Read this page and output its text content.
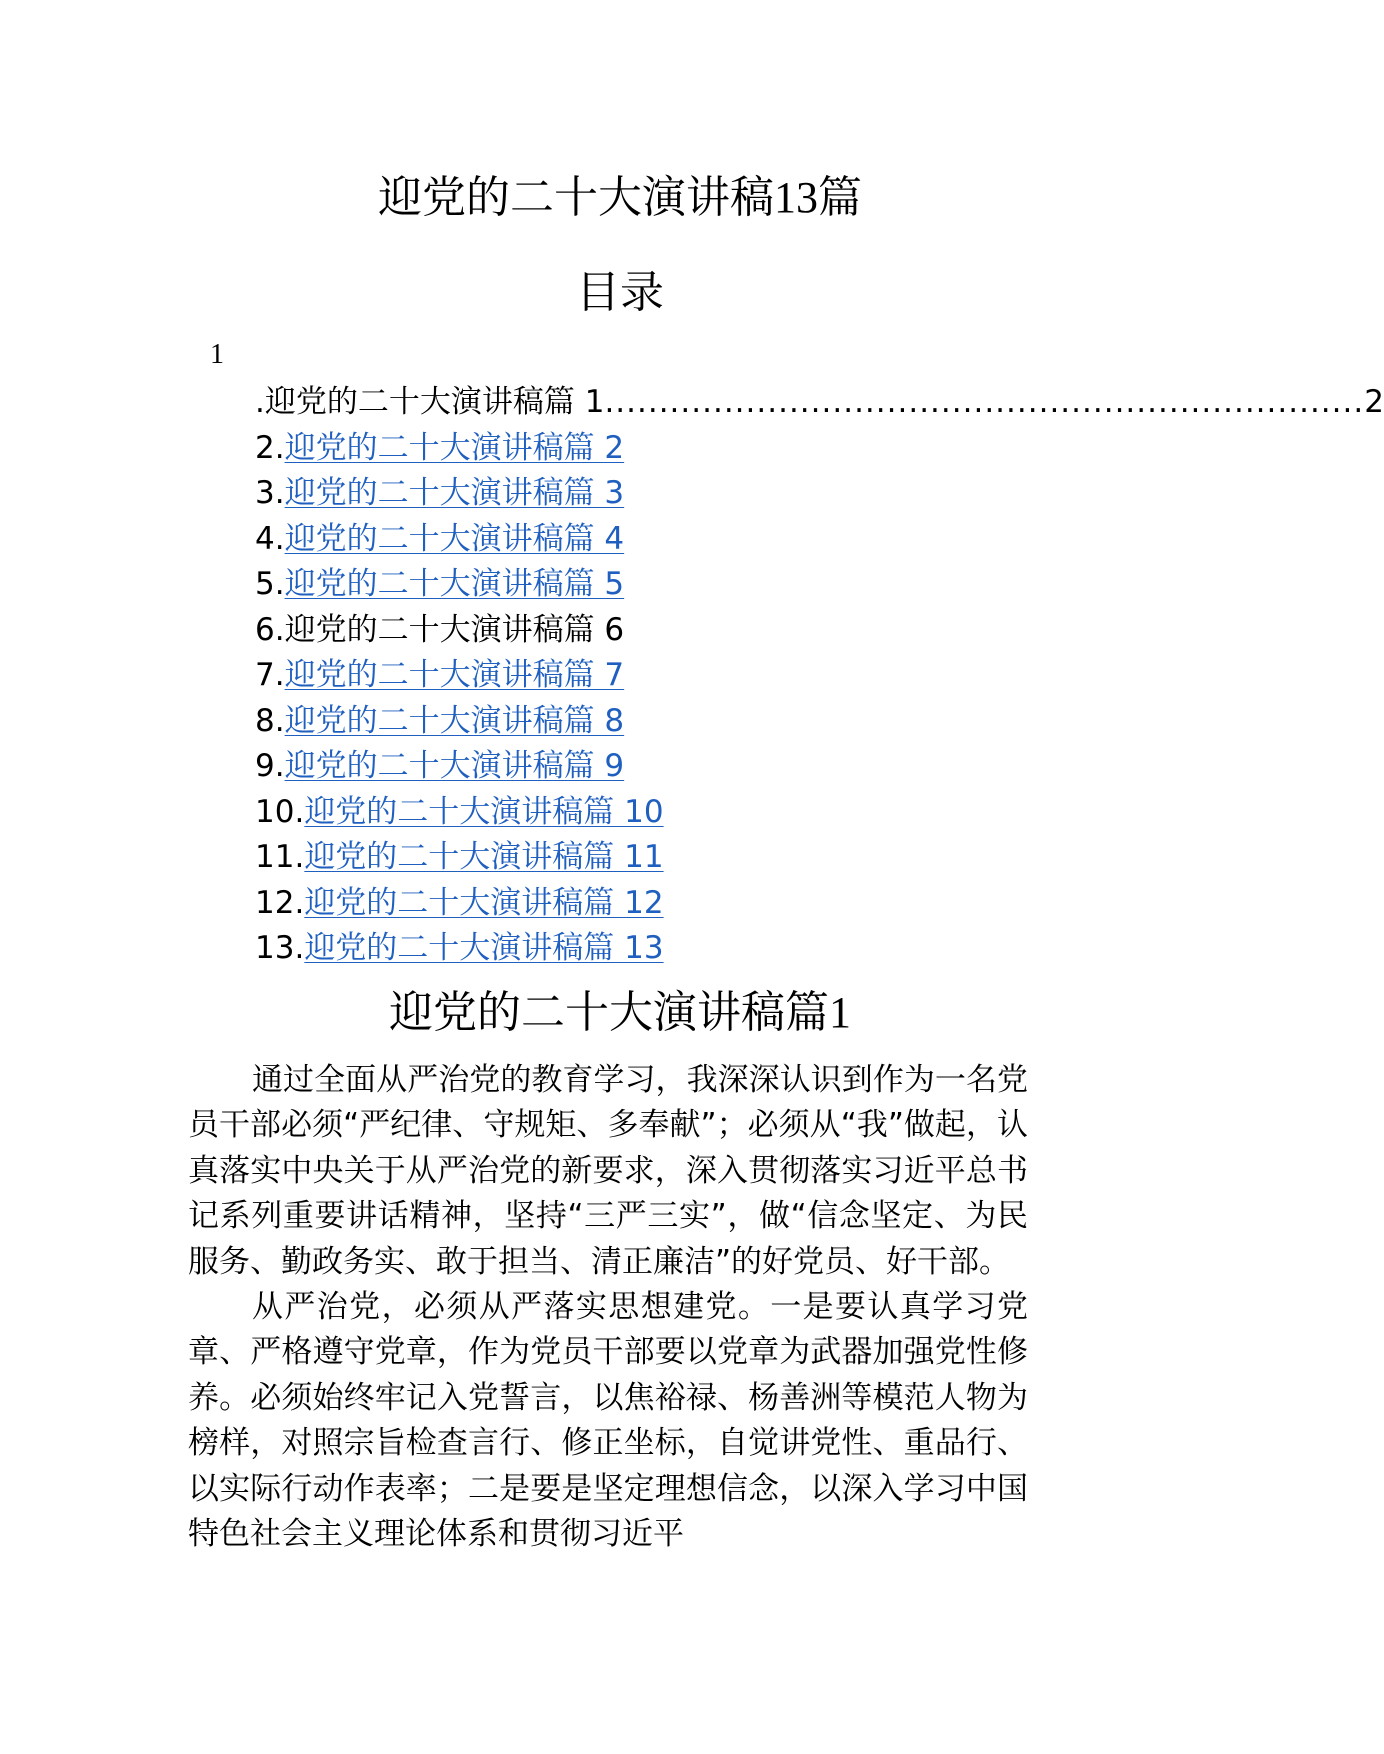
迎党的二十大演讲稿13篇
目录
1
. 迎党的二十大演讲稿篇 1 ...................................................................... 2
2.迎党的二十大演讲稿篇 2
3.迎党的二十大演讲稿篇 3
4.迎党的二十大演讲稿篇 4
5.迎党的二十大演讲稿篇 5
6.迎党的二十大演讲稿篇 6
7.迎党的二十大演讲稿篇 7
8.迎党的二十大演讲稿篇 8
9.迎党的二十大演讲稿篇 9
10.迎党的二十大演讲稿篇 10
11.迎党的二十大演讲稿篇 11
12.迎党的二十大演讲稿篇 12
13.迎党的二十大演讲稿篇 13
迎党的二十大演讲稿篇1

通过全面从严治党的教育学习，我深深认识到作为一名党员干部必须“严纪律、守规矩、多奉献”；必须从“我”做起，认真落实中央关于从严治党的新要求，深入贯彻落实习近平总书记系列重要讲话精神，坚持“三严三实”，做“信念坚定、为民服务、勤政务实、敢于担当、清正廉洁”的好党员、好干部。

从严治党，必须从严落实思想建党。一是要认真学习党章、严格遵守党章，作为党员干部要以党章为武器加强党性修养。必须始终牢记入党誓言，以焦裕禄、杨善洲等模范人物为榜样，对照宗旨检查言行、修正坐标，自觉讲党性、重品行、以实际行动作表率；二是要是坚定理想信念，以深入学习中国特色社会主义理论体系和贯彻习近平
